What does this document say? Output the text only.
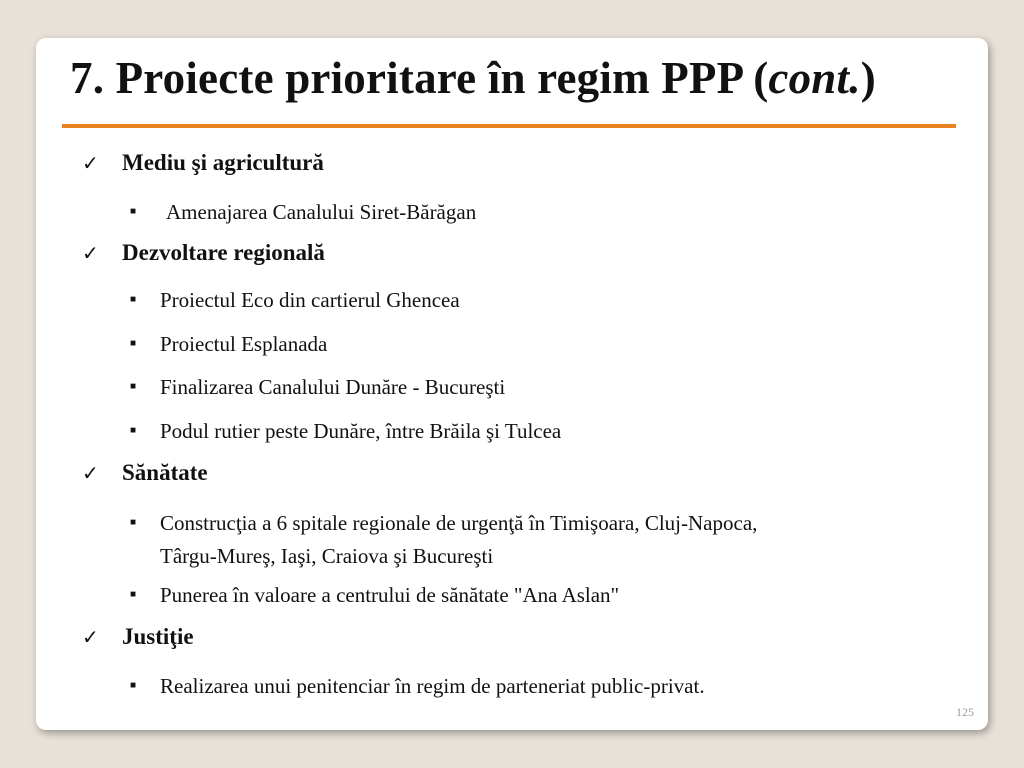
7. Proiecte prioritare în regim PPP (cont.)
✓ Mediu şi agricultură
■ Amenajarea Canalului Siret-Bărăgan
✓ Dezvoltare regională
■ Proiectul Eco din cartierul Ghencea
■ Proiectul Esplanada
■ Finalizarea Canalului Dunăre - Bucureşti
■ Podul rutier peste Dunăre, între Brăila şi Tulcea
✓ Sănătate
■ Construcţia a 6 spitale regionale de urgenţă în Timişoara, Cluj-Napoca,
Târgu-Mureş, Iaşi, Craiova şi Bucureşti
■ Punerea în valoare a centrului de sănătate "Ana Aslan"
✓ Justiţie
■ Realizarea unui penitenciar în regim de parteneriat public-privat.
125
